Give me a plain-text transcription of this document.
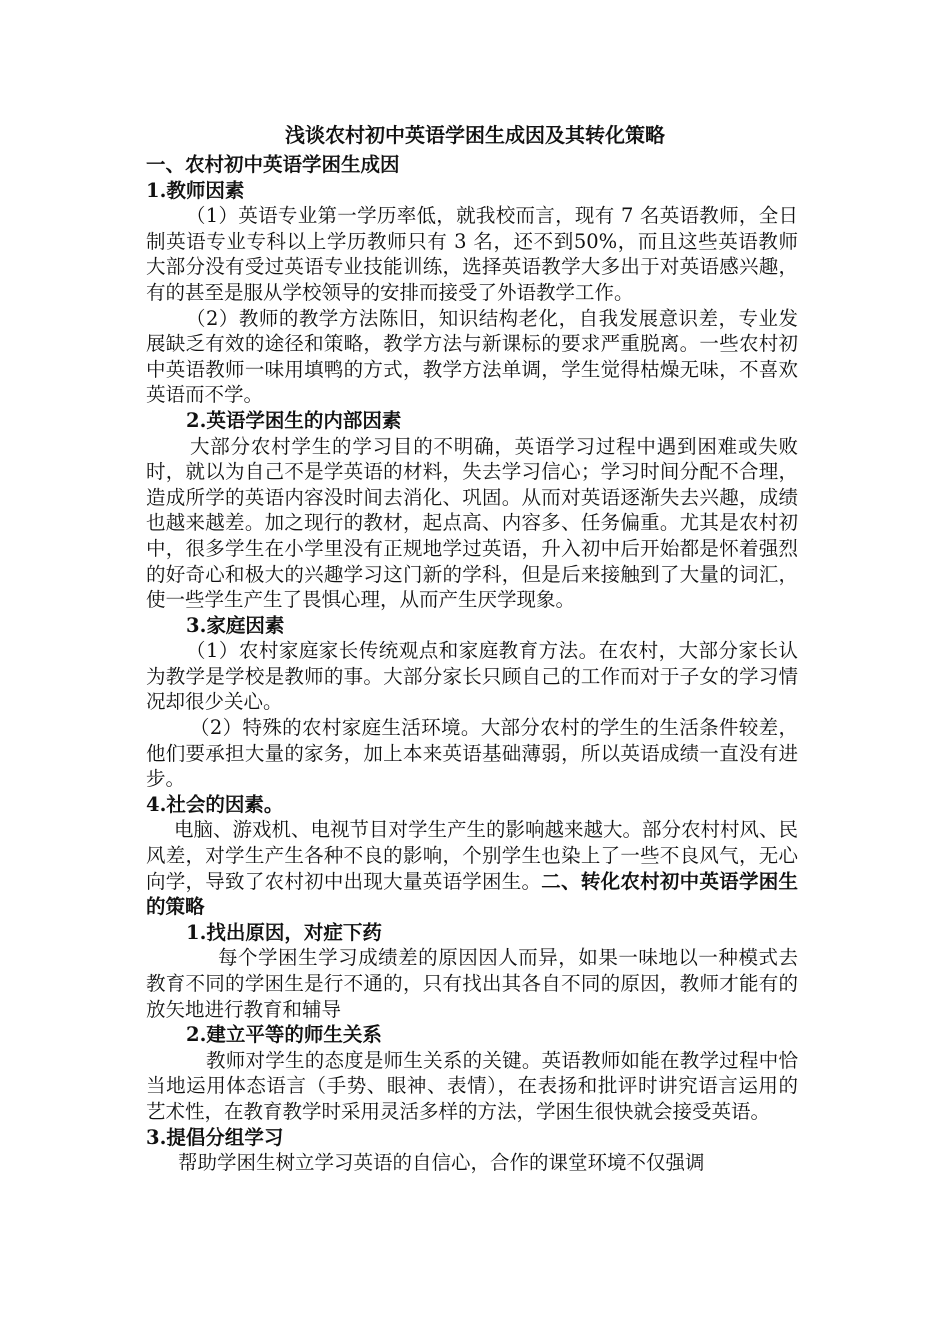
浅谈农村初中英语学困生成因及其转化策略

一、农村初中英语学困生成因

1.教师因素

（1）英语专业第一学历率低，就我校而言，现有 7 名英语教师，全日制英语专业专科以上学历教师只有 3 名，还不到50%，而且这些英语教师大部分没有受过英语专业技能训练，选择英语教学大多出于对英语感兴趣，有的甚至是服从学校领导的安排而接受了外语教学工作。

（2）教师的教学方法陈旧，知识结构老化，自我发展意识差，专业发展缺乏有效的途径和策略，教学方法与新课标的要求严重脱离。一些农村初中英语教师一味用填鸭的方式，教学方法单调，学生觉得枯燥无味，不喜欢英语而不学。

2.英语学困生的内部因素

大部分农村学生的学习目的不明确，英语学习过程中遇到困难或失败时，就以为自己不是学英语的材料，失去学习信心；学习时间分配不合理，造成所学的英语内容没时间去消化、巩固。从而对英语逐渐失去兴趣，成绩也越来越差。加之现行的教材，起点高、内容多、任务偏重。尤其是农村初中，很多学生在小学里没有正规地学过英语，升入初中后开始都是怀着强烈的好奇心和极大的兴趣学习这门新的学科，但是后来接触到了大量的词汇，使一些学生产生了畏惧心理，从而产生厌学现象。

3.家庭因素

（1）农村家庭家长传统观点和家庭教育方法。在农村，大部分家长认为教学是学校是教师的事。大部分家长只顾自己的工作而对于子女的学习情况却很少关心。

（2）特殊的农村家庭生活环境。大部分农村的学生的生活条件较差，他们要承担大量的家务，加上本来英语基础薄弱，所以英语成绩一直没有进步。

4.社会的因素。

电脑、游戏机、电视节目对学生产生的影响越来越大。部分农村村风、民风差，对学生产生各种不良的影响，个别学生也染上了一些不良风气，无心向学，导致了农村初中出现大量英语学困生。二、转化农村初中英语学困生的策略

1.找出原因，对症下药

每个学困生学习成绩差的原因因人而异，如果一味地以一种模式去教育不同的学困生是行不通的，只有找出其各自不同的原因，教师才能有的放矢地进行教育和辅导

2.建立平等的师生关系

教师对学生的态度是师生关系的关键。英语教师如能在教学过程中恰当地运用体态语言（手势、眼神、表情），在表扬和批评时讲究语言运用的艺术性，在教育教学时采用灵活多样的方法，学困生很快就会接受英语。

3.提倡分组学习

帮助学困生树立学习英语的自信心，合作的课堂环境不仅强调
